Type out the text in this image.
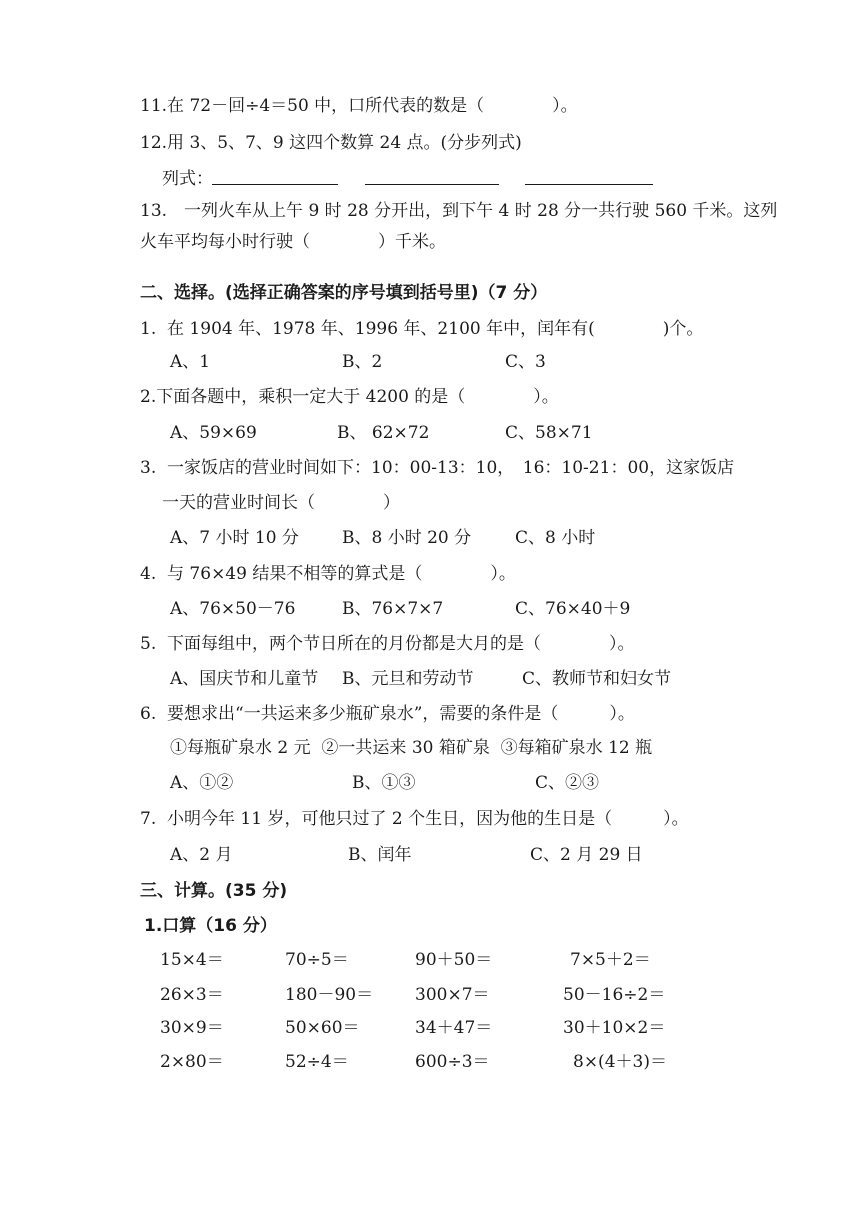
11.在 72－回÷4＝50 中，口所代表的数是（　　　　）。
12.用 3、5、7、9 这四个数算 24 点。(分步列式)
列式：
13.　一列火车从上午 9 时 28 分开出，到下午 4 时 28 分一共行驶 560 千米。这列
火车平均每小时行驶（　　　　）千米。
二、选择。(选择正确答案的序号填到括号里)（7 分）
1.  在 1904 年、1978 年、1996 年、2100 年中，闰年有(　　　　)个。
A、1	B、2	C、3
2.下面各题中，乘积一定大于 4200 的是（　　　　）。
A、59×69	B、 62×72	C、58×71
3.  一家饭店的营业时间如下：10：00-13：10，　16：10-21：00，这家饭店
一天的营业时间长（　　　　）
A、7 小时 10 分	B、8 小时 20 分	C、8 小时
4.  与 76×49 结果不相等的算式是（　　　　）。
A、76×50－76	B、76×7×7	C、76×40＋9
5.  下面每组中，两个节日所在的月份都是大月的是（　　　　）。
A、国庆节和儿童节 B、元旦和劳动节	C、教师节和妇女节
6.  要想求出“一共运来多少瓶矿泉水”，需要的条件是（　　　）。
①每瓶矿泉水 2 元  ②一共运来 30 箱矿泉  ③每箱矿泉水 12 瓶
A、①②	B、①③	C、②③
7.  小明今年 11 岁，可他只过了 2 个生日，因为他的生日是（　　　）。
A、2 月	B、闰年	C、2 月 29 日
三、计算。(35 分)
1.口算（16 分）
15×4＝	70÷5＝	90＋50＝	7×5＋2＝
26×3＝	180－90＝ 300×7＝	50－16÷2＝
30×9＝	50×60＝	34＋47＝	30＋10×2＝
2×80＝	52÷4＝	600÷3＝	8×(4＋3)＝
